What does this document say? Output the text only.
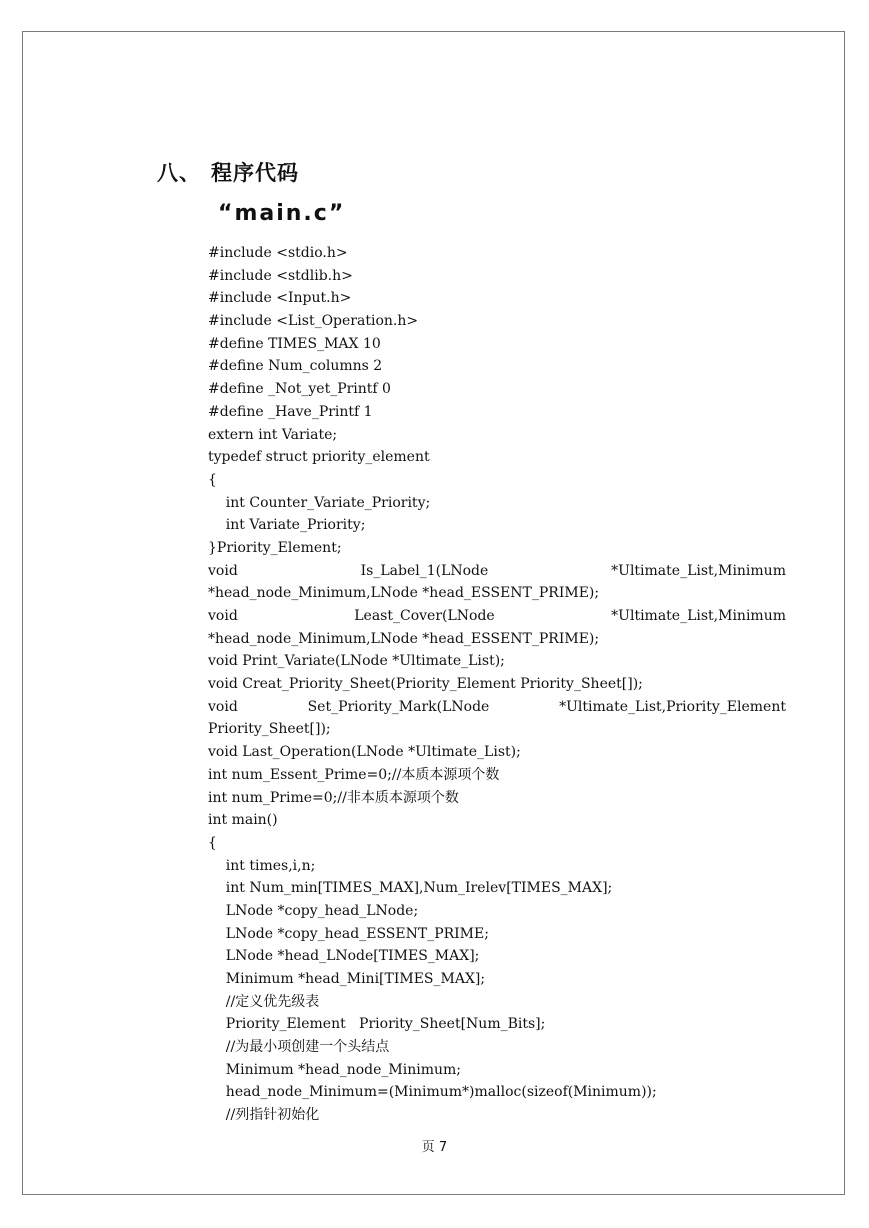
八、 程序代码
“main.c”
#include <stdio.h>
#include <stdlib.h>
#include <Input.h>
#include <List_Operation.h>
#define TIMES_MAX 10
#define Num_columns 2
#define _Not_yet_Printf 0
#define _Have_Printf 1
extern int Variate;
typedef struct priority_element
{
int Counter_Variate_Priority;
int Variate_Priority;
}Priority_Element;
void	Is_Label_1(LNode	*Ultimate_List,Minimum
*head_node_Minimum,LNode *head_ESSENT_PRIME);
void	Least_Cover(LNode	*Ultimate_List,Minimum
*head_node_Minimum,LNode *head_ESSENT_PRIME);
void Print_Variate(LNode *Ultimate_List);
void Creat_Priority_Sheet(Priority_Element Priority_Sheet[]);
void	Set_Priority_Mark(LNode	*Ultimate_List,Priority_Element
Priority_Sheet[]);
void Last_Operation(LNode *Ultimate_List);
int num_Essent_Prime=0;//本质本源项个数
int num_Prime=0;//非本质本源项个数
int main()
{
int times,i,n;
int Num_min[TIMES_MAX],Num_Irelev[TIMES_MAX];
LNode *copy_head_LNode;
LNode *copy_head_ESSENT_PRIME;
LNode *head_LNode[TIMES_MAX];
Minimum *head_Mini[TIMES_MAX];
//定义优先级表
Priority_Element   Priority_Sheet[Num_Bits];
//为最小项创建一个头结点
Minimum *head_node_Minimum;
head_node_Minimum=(Minimum*)malloc(sizeof(Minimum));
//列指针初始化
页 7
